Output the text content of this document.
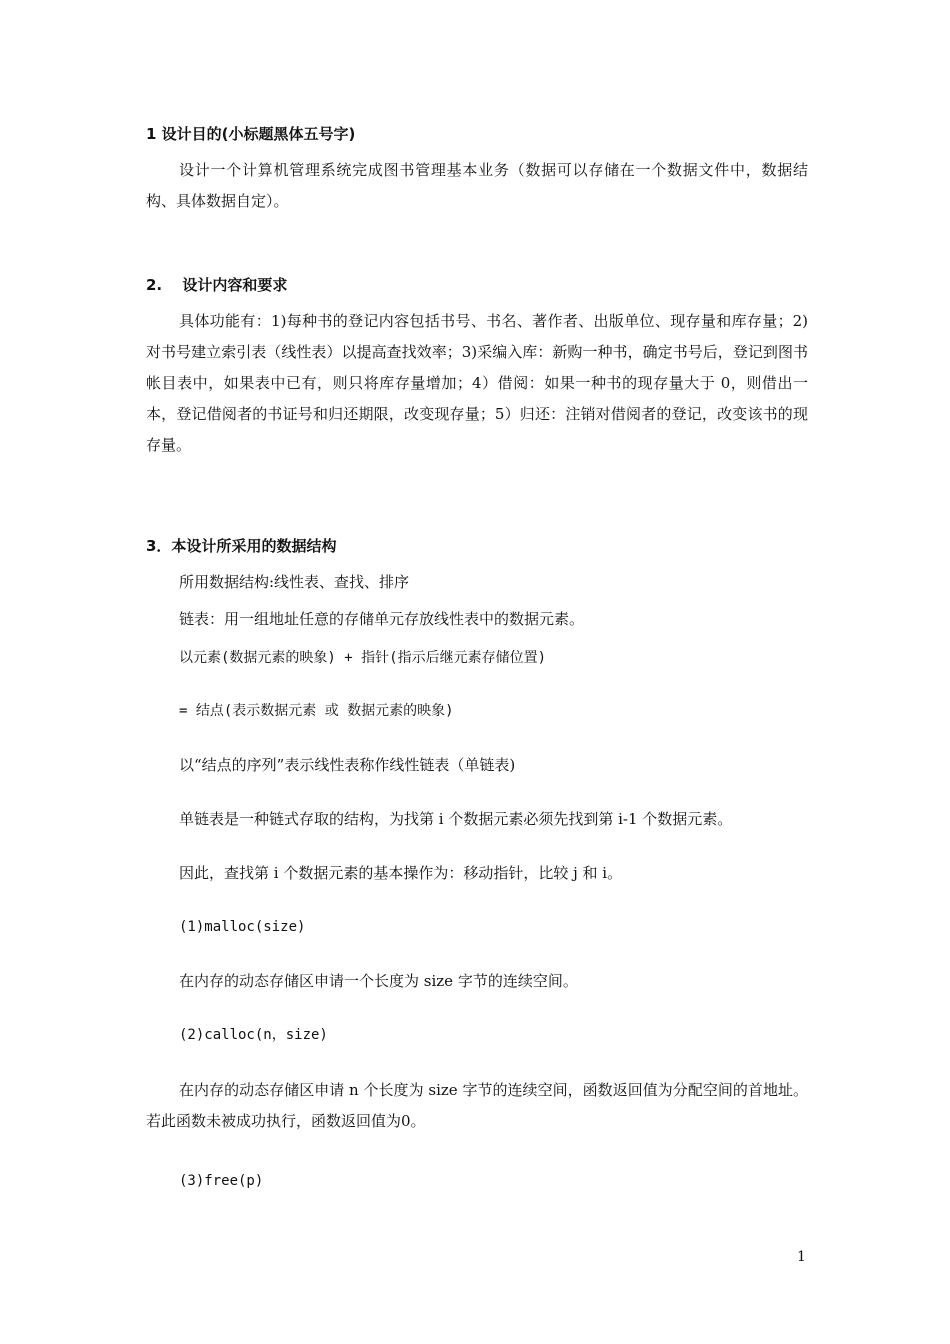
1 设计目的(小标题黑体五号字)
设计一个计算机管理系统完成图书管理基本业务（数据可以存储在一个数据文件中，数据结构、具体数据自定）。
2.　 设计内容和要求
具体功能有：1)每种书的登记内容包括书号、书名、著作者、出版单位、现存量和库存量；2)对书号建立索引表（线性表）以提高查找效率；3)采编入库：新购一种书，确定书号后，登记到图书帐目表中，如果表中已有，则只将库存量增加；4）借阅：如果一种书的现存量大于 0，则借出一本，登记借阅者的书证号和归还期限，改变现存量；5）归还：注销对借阅者的登记，改变该书的现存量。
3．本设计所采用的数据结构
所用数据结构:线性表、查找、排序
链表：用一组地址任意的存储单元存放线性表中的数据元素。
以元素(数据元素的映象) + 指针(指示后继元素存储位置)
= 结点(表示数据元素 或 数据元素的映象)
以“结点的序列”表示线性表称作线性链表（单链表)
单链表是一种链式存取的结构，为找第 i 个数据元素必须先找到第 i-1 个数据元素。
因此，查找第 i 个数据元素的基本操作为：移动指针，比较 j 和 i。
(1)malloc(size)
在内存的动态存储区申请一个长度为 size 字节的连续空间。
(2)calloc(n，size)
在内存的动态存储区申请 n 个长度为 size 字节的连续空间，函数返回值为分配空间的首地址。若此函数未被成功执行，函数返回值为0。
(3)free(p)
1
